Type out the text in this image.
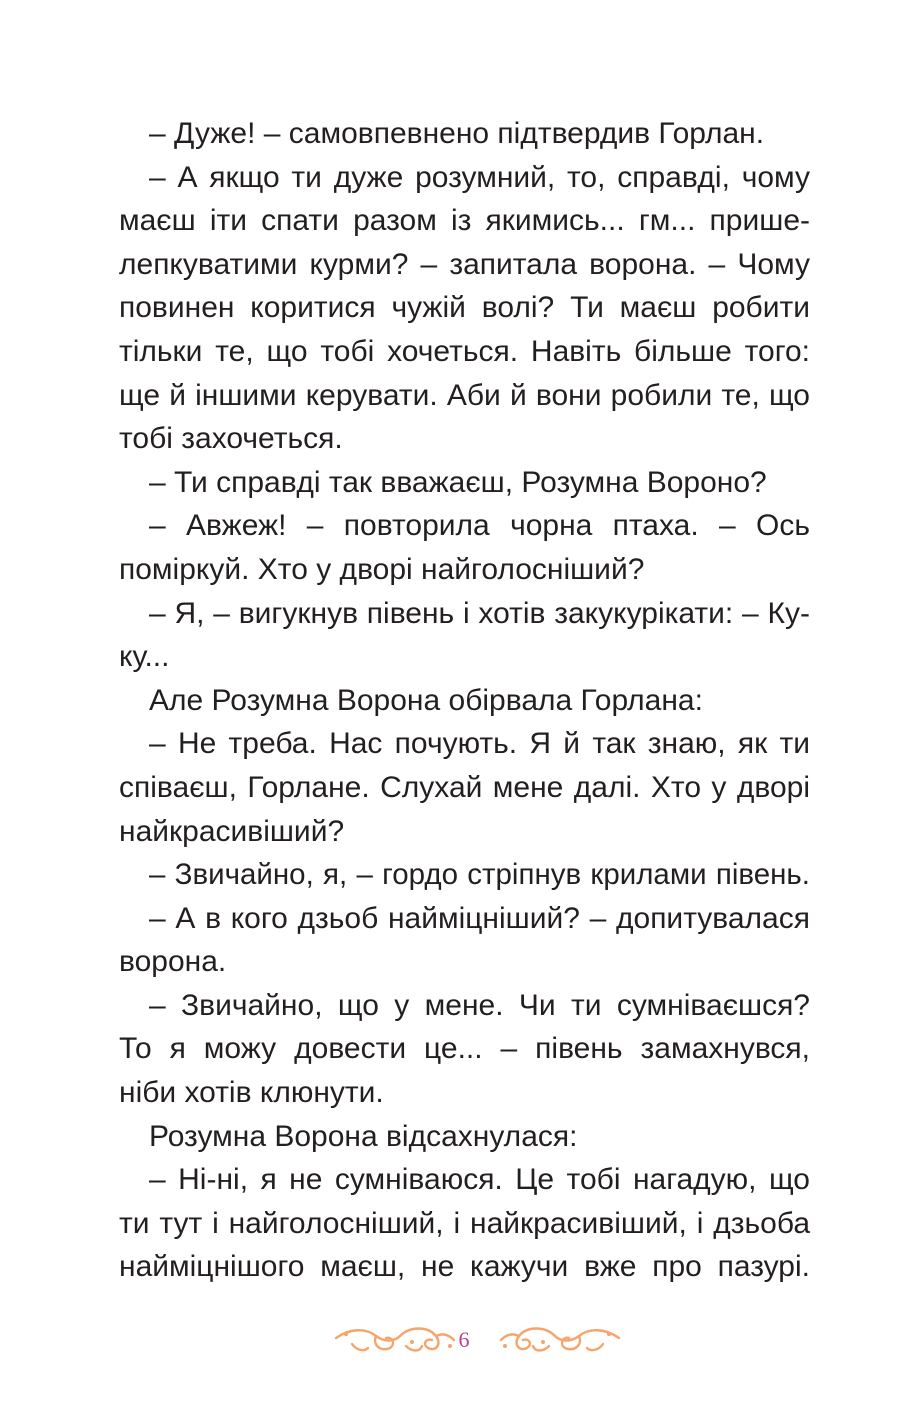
– Дуже! – самовпевнено підтвердив Горлан.
– А якщо ти дуже розумний, то, справді, чому
маєш іти спати разом із якимись... гм... прише-
лепкуватими курми? – запитала ворона. – Чому
повинен коритися чужій волі? Ти маєш робити
тільки те, що тобі хочеться. Навіть більше того:
ще й іншими керувати. Аби й вони робили те, що
тобі захочеться.
– Ти справді так вважаєш, Розумна Вороно?
– Авжеж! – повторила чорна птаха. – Ось
поміркуй. Хто у дворі найголосніший?
– Я, – вигукнув півень і хотів закукурікати: – Ку-
ку...
Але Розумна Ворона обірвала Горлана:
– Не треба. Нас почують. Я й так знаю, як ти
співаєш, Горлане. Слухай мене далі. Хто у дворі
найкрасивіший?
– Звичайно, я, – гордо стріпнув крилами півень.
– А в кого дзьоб наймiцніший? – допитувалася
ворона.
– Звичайно, що у мене. Чи ти сумніваєшся?
То я можу довести це... – півень замахнувся,
ніби хотів клюнути.
Розумна Ворона відсахнулася:
– Ні-ні, я не сумніваюся. Це тобі нагадую, що
ти тут і найголосніший, і найкрасивіший, і дзьоба
наймiцнішого маєш, не кажучи вже про пазурі.
6
